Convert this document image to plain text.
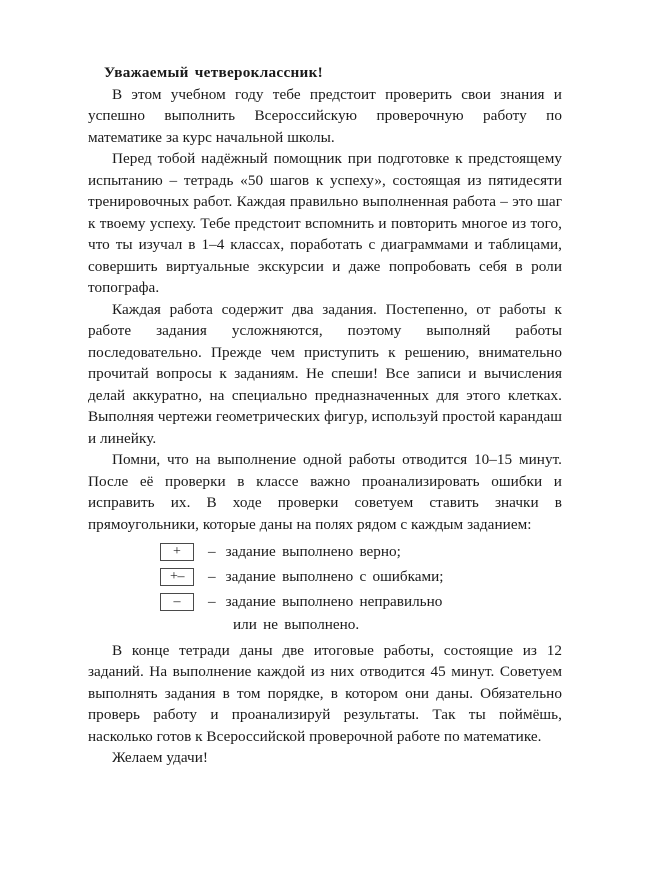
Уважаемый четвероклассник!

В этом учебном году тебе предстоит проверить свои знания и успешно выполнить Всероссийскую проверочную работу по математике за курс начальной школы.

Перед тобой надёжный помощник при подготовке к предстоящему испытанию – тетрадь «50 шагов к успеху», состоящая из пятидесяти тренировочных работ. Каждая правильно выполненная работа – это шаг к твоему успеху. Тебе предстоит вспомнить и повторить многое из того, что ты изучал в 1–4 классах, поработать с диаграммами и таблицами, совершить виртуальные экскурсии и даже попробовать себя в роли топографа.

Каждая работа содержит два задания. Постепенно, от работы к работе задания усложняются, поэтому выполняй работы последовательно. Прежде чем приступить к решению, внимательно прочитай вопросы к заданиям. Не спеши! Все записи и вычисления делай аккуратно, на специально предназначенных для этого клетках. Выполняя чертежи геометрических фигур, используй простой карандаш и линейку.

Помни, что на выполнение одной работы отводится 10–15 минут. После её проверки в классе важно проанализировать ошибки и исправить их. В ходе проверки советуем ставить значки в прямоугольники, которые даны на полях рядом с каждым заданием:

+	– задание выполнено верно;
+–	– задание выполнено с ошибками;
–	– задание выполнено неправильно
или не выполнено.

В конце тетради даны две итоговые работы, состоящие из 12 заданий. На выполнение каждой из них отводится 45 минут. Советуем выполнять задания в том порядке, в котором они даны. Обязательно проверь работу и проанализируй результаты. Так ты поймёшь, насколько готов к Всероссийской проверочной работе по математике.

Желаем удачи!
